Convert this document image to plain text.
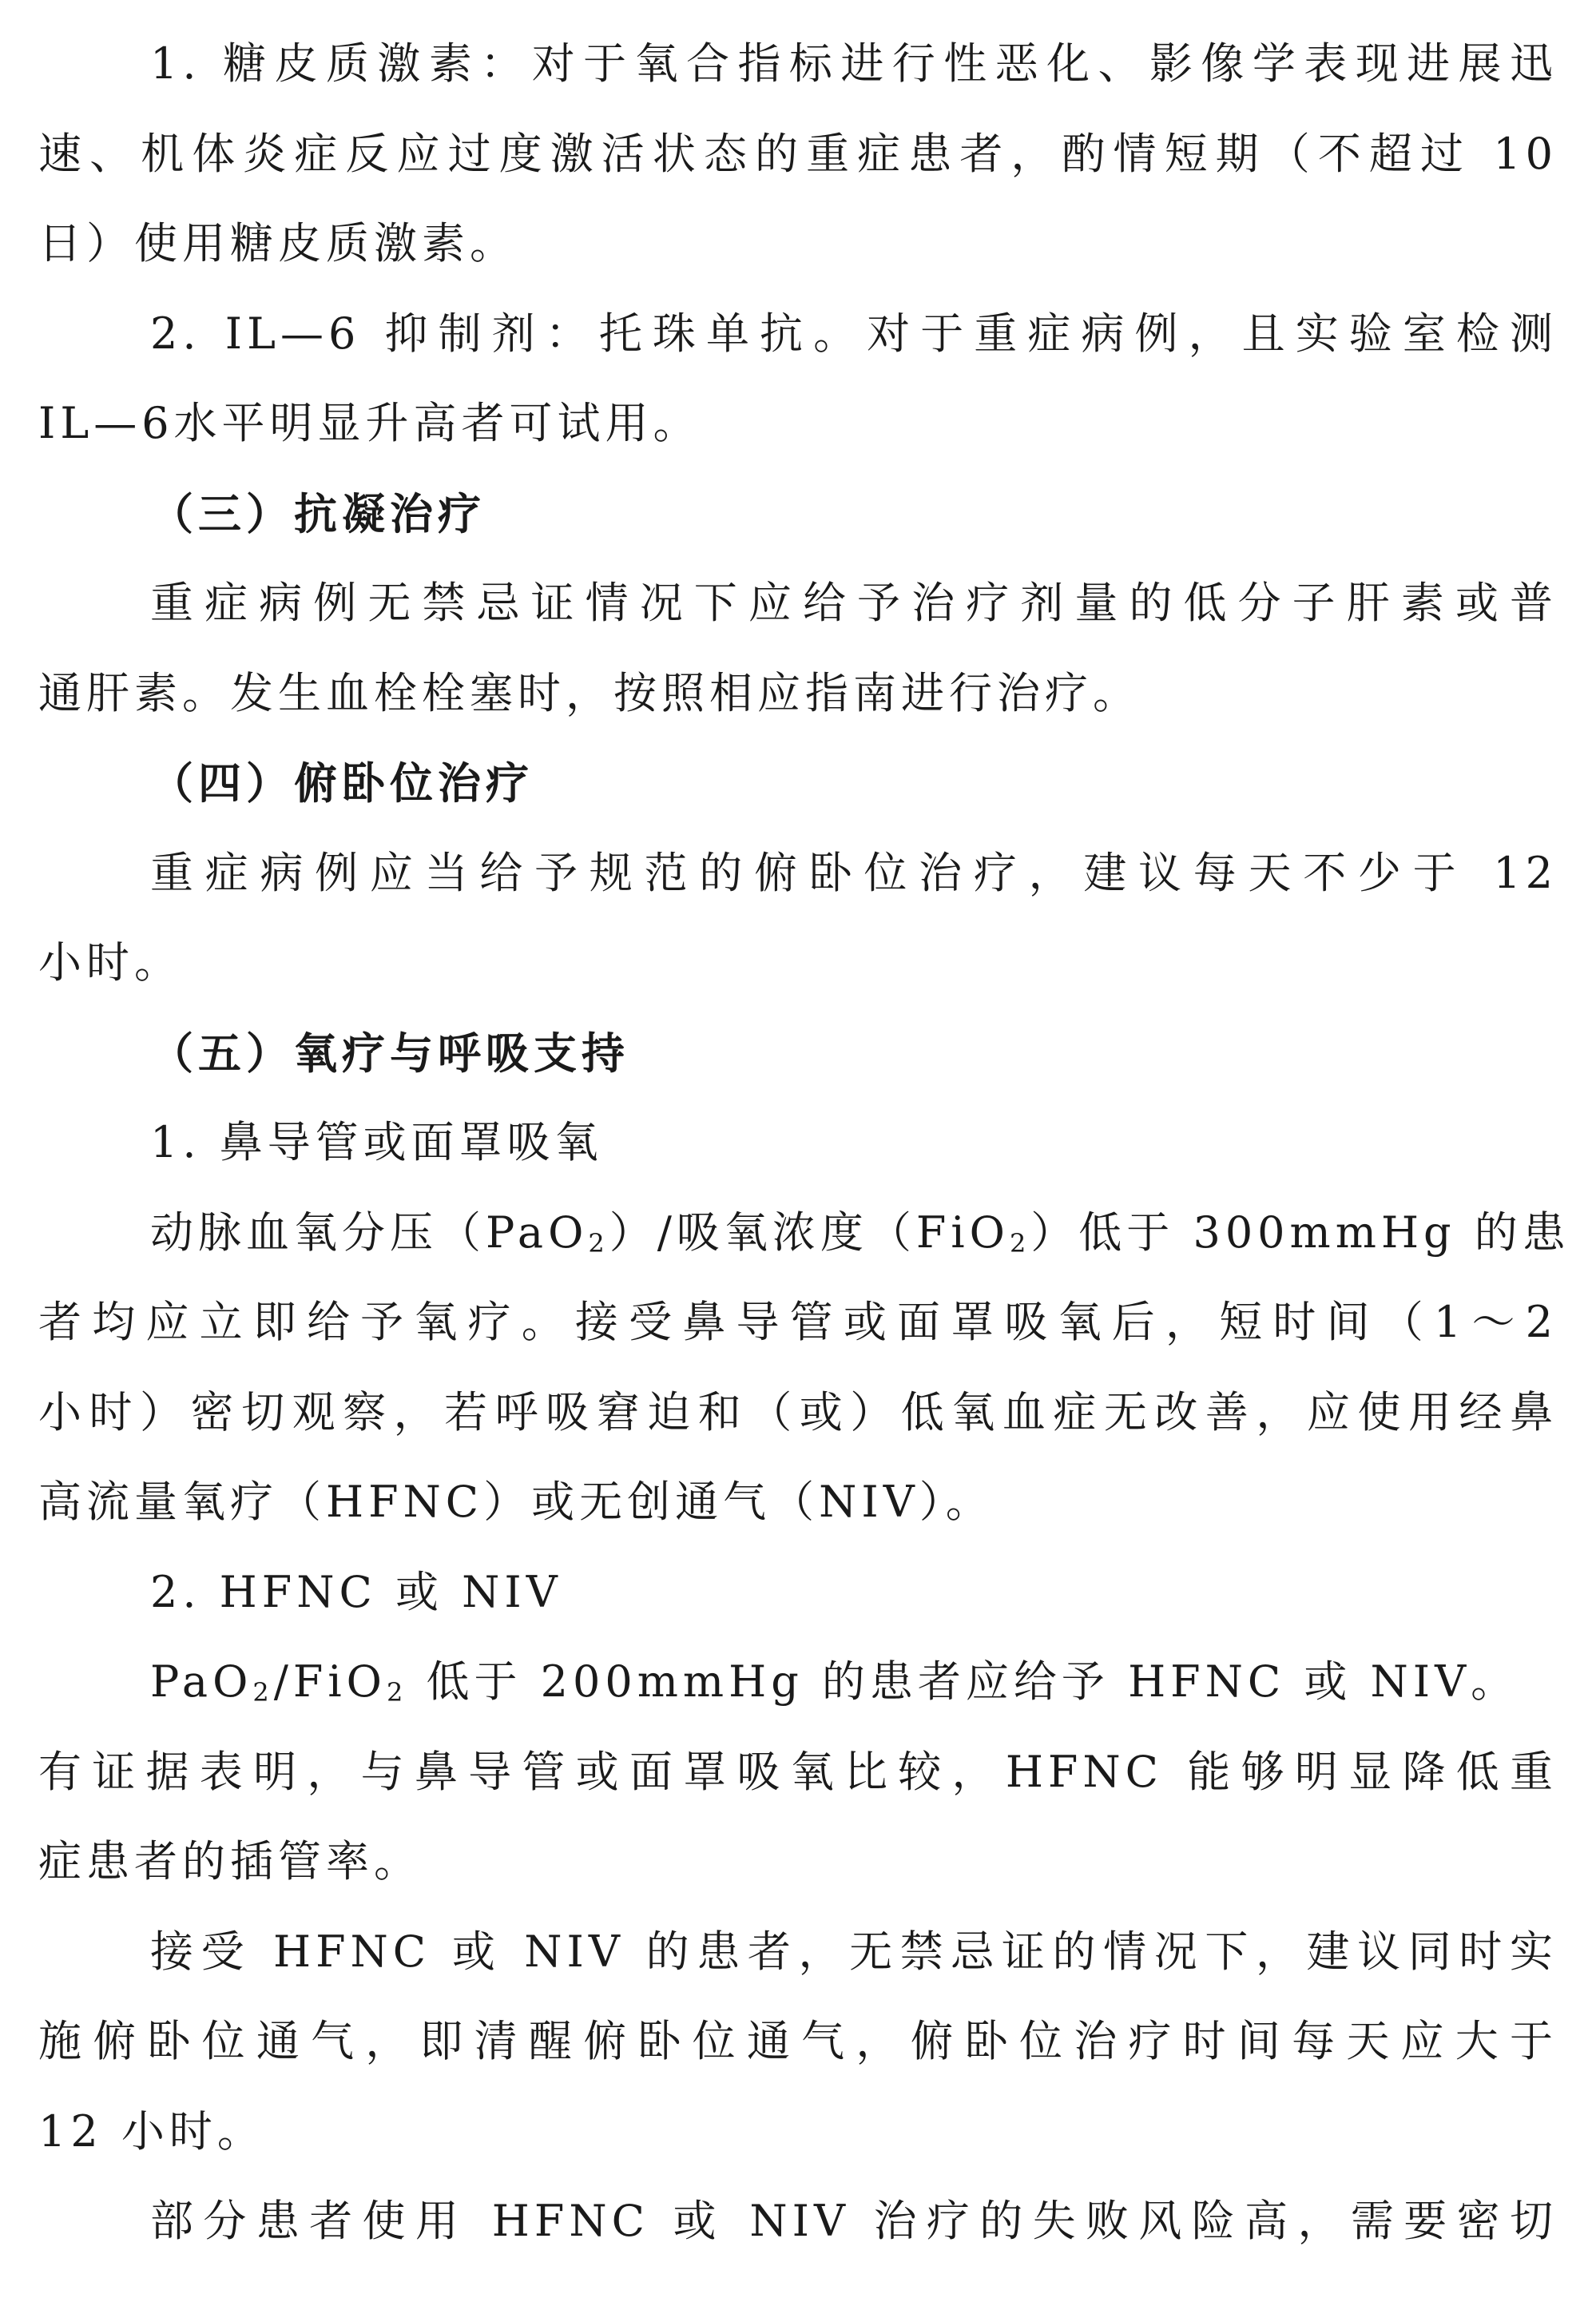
1. 糖皮质激素：对于氧合指标进行性恶化、影像学表现进展迅
速、机体炎症反应过度激活状态的重症患者，酌情短期（不超过 10
日）使用糖皮质激素。
2. IL—6 抑制剂：托珠单抗。对于重症病例，且实验室检测
IL—6水平明显升高者可试用。
（三）抗凝治疗
重症病例无禁忌证情况下应给予治疗剂量的低分子肝素或普
通肝素。发生血栓栓塞时，按照相应指南进行治疗。
（四）俯卧位治疗
重症病例应当给予规范的俯卧位治疗，建议每天不少于 12
小时。
（五）氧疗与呼吸支持
1. 鼻导管或面罩吸氧
动脉血氧分压（PaO$_2$）/吸氧浓度（FiO$_2$）低于 300mmHg 的患
者均应立即给予氧疗。接受鼻导管或面罩吸氧后，短时间（1～2
小时）密切观察，若呼吸窘迫和（或）低氧血症无改善，应使用经鼻
高流量氧疗（HFNC）或无创通气（NIV）。
2. HFNC 或 NIV
PaO$_2$/FiO$_2$ 低于 200mmHg 的患者应给予 HFNC 或 NIV。
有证据表明，与鼻导管或面罩吸氧比较，HFNC 能够明显降低重
症患者的插管率。
接受 HFNC 或 NIV 的患者，无禁忌证的情况下，建议同时实
施俯卧位通气，即清醒俯卧位通气，俯卧位治疗时间每天应大于
12 小时。
部分患者使用 HFNC 或 NIV 治疗的失败风险高，需要密切
